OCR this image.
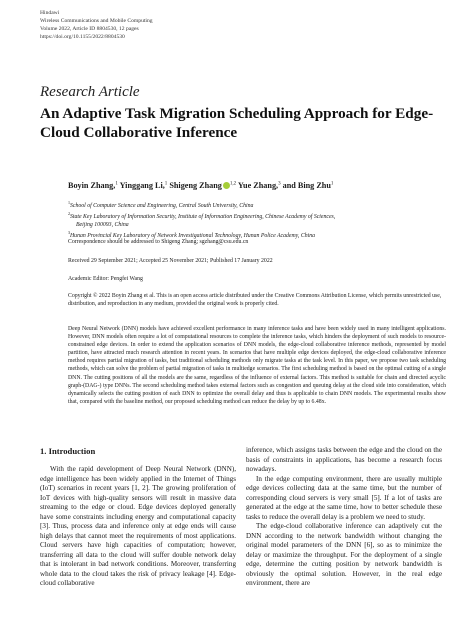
Hindawi
Wireless Communications and Mobile Computing
Volume 2022, Article ID 8804530, 12 pages
https://doi.org/10.1155/2022/8804530
Research Article
An Adaptive Task Migration Scheduling Approach for Edge-Cloud Collaborative Inference
Boyin Zhang,$^1$ Yinggang Li,$^1$ Shigeng Zhang $^{1,2}$ Yue Zhang,$^3$ and Bing Zhu$^1$
$^1$School of Computer Science and Engineering, Central South University, China
$^2$State Key Laboratory of Information Security, Institute of Information Engineering, Chinese Academy of Sciences,
Beijing 100093, China
$^3$Hunan Provincial Key Laboratory of Network Investigational Technology, Hunan Police Academy, China
Correspondence should be addressed to Shigeng Zhang; sgzhang@csu.edu.cn
Received 29 September 2021; Accepted 25 November 2021; Published 17 January 2022
Academic Editor: Pengfei Wang
Copyright © 2022 Boyin Zhang et al. This is an open access article distributed under the Creative Commons Attribution License, which permits unrestricted use, distribution, and reproduction in any medium, provided the original work is properly cited.
Deep Neural Network (DNN) models have achieved excellent performance in many inference tasks and have been widely used in many intelligent applications. However, DNN models often require a lot of computational resources to complete the inference tasks, which hinders the deployment of such models to resource-constrained edge devices. In order to extend the application scenarios of DNN models, the edge-cloud collaborative inference methods, represented by model partition, have attracted much research attention in recent years. In scenarios that have multiple edge devices deployed, the edge-cloud collaborative inference method requires partial migration of tasks, but traditional scheduling methods only migrate tasks at the task level. In this paper, we propose two task scheduling methods, which can solve the problem of partial migration of tasks in multiedge scenarios. The first scheduling method is based on the optimal cutting of a single DNN. The cutting positions of all the models are the same, regardless of the influence of external factors. This method is suitable for chain and directed acyclic graph-(DAG-) type DNNs. The second scheduling method takes external factors such as congestion and queuing delay at the cloud side into consideration, which dynamically selects the cutting position of each DNN to optimize the overall delay and thus is applicable to chain DNN models. The experimental results show that, compared with the baseline method, our proposed scheduling method can reduce the delay by up to 6.48x.
1. Introduction

With the rapid development of Deep Neural Network (DNN), edge intelligence has been widely applied in the Internet of Things (IoT) scenarios in recent years [1, 2]. The growing proliferation of IoT devices with high-quality sensors will result in massive data streaming to the edge or cloud. Edge devices deployed generally have some constraints including energy and computational capacity [3]. Thus, process data and inference only at edge ends will cause high delays that cannot meet the requirements of most applications. Cloud servers have high capacities of computation; however, transferring all data to the cloud will suffer double network delay that is intolerant in bad network conditions. Moreover, transferring whole data to the cloud takes the risk of privacy leakage [4]. Edge-cloud collaborative

inference, which assigns tasks between the edge and the cloud on the basis of constraints in applications, has become a research focus nowadays.

In the edge computing environment, there are usually multiple edge devices collecting data at the same time, but the number of corresponding cloud servers is very small [5]. If a lot of tasks are generated at the edge at the same time, how to better schedule these tasks to reduce the overall delay is a problem we need to study.

The edge-cloud collaborative inference can adaptively cut the DNN according to the network bandwidth without changing the original model parameters of the DNN [6], so as to minimize the delay or maximize the throughput. For the deployment of a single edge, determine the cutting position by network bandwidth is obviously the optimal solution. However, in the real edge environment, there are
